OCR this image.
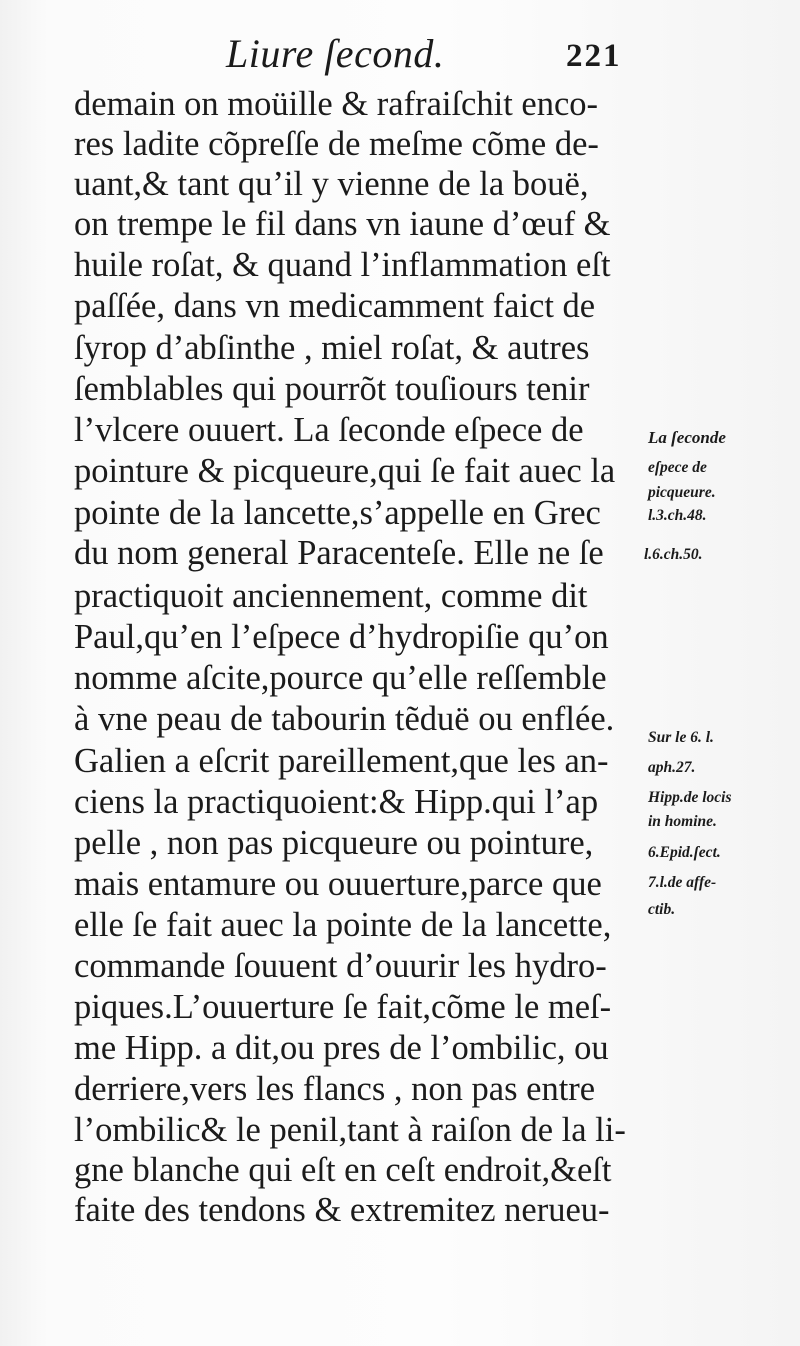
Liure ſecond.	221
demain on moüille & rafraiſchit enco-
res ladite cõpreſſe de meſme cõme de-
uant,& tant qu’il y vienne de la bouë,
on trempe le fil dans vn iaune d’œuf &
huile roſat, & quand l’inflammation eſt
paſſée, dans vn medicamment faict de
ſyrop d’abſinthe , miel roſat, & autres
ſemblables qui pourrõt touſiours tenir
l’vlcere ouuert. La ſeconde eſpece de
pointure & picqueure,qui ſe fait auec la
pointe de la lancette,s’appelle en Grec
du nom general Paracenteſe. Elle ne ſe
practiquoit anciennement, comme dit
Paul,qu’en l’eſpece d’hydropiſie qu’on
nomme aſcite,pource qu’elle reſſemble
à vne peau de tabourin tẽduë ou enflée.
Galien a eſcrit pareillement,que les an-
ciens la practiquoient:& Hipp.qui l’ap
pelle , non pas picqueure ou pointure,
mais entamure ou ouuerture,parce que
elle ſe fait auec la pointe de la lancette,
commande ſouuent d’ouurir les hydro-
piques.L’ouuerture ſe fait,cõme le meſ-
me Hipp. a dit,ou pres de l’ombilic, ou
derriere,vers les flancs , non pas entre
l’ombilic& le penil,tant à raiſon de la li-
gne blanche qui eſt en ceſt endroit,&eſt
faite des tendons & extremitez nerueu-
La ſeconde
eſpece de
picqueure.
l.3.ch.48.
l.6.ch.50.
Sur le 6. l.
aph.27.
Hipp.de locis
in homine.
6.Epid.ſect.
7.l.de affe-
ctib.
